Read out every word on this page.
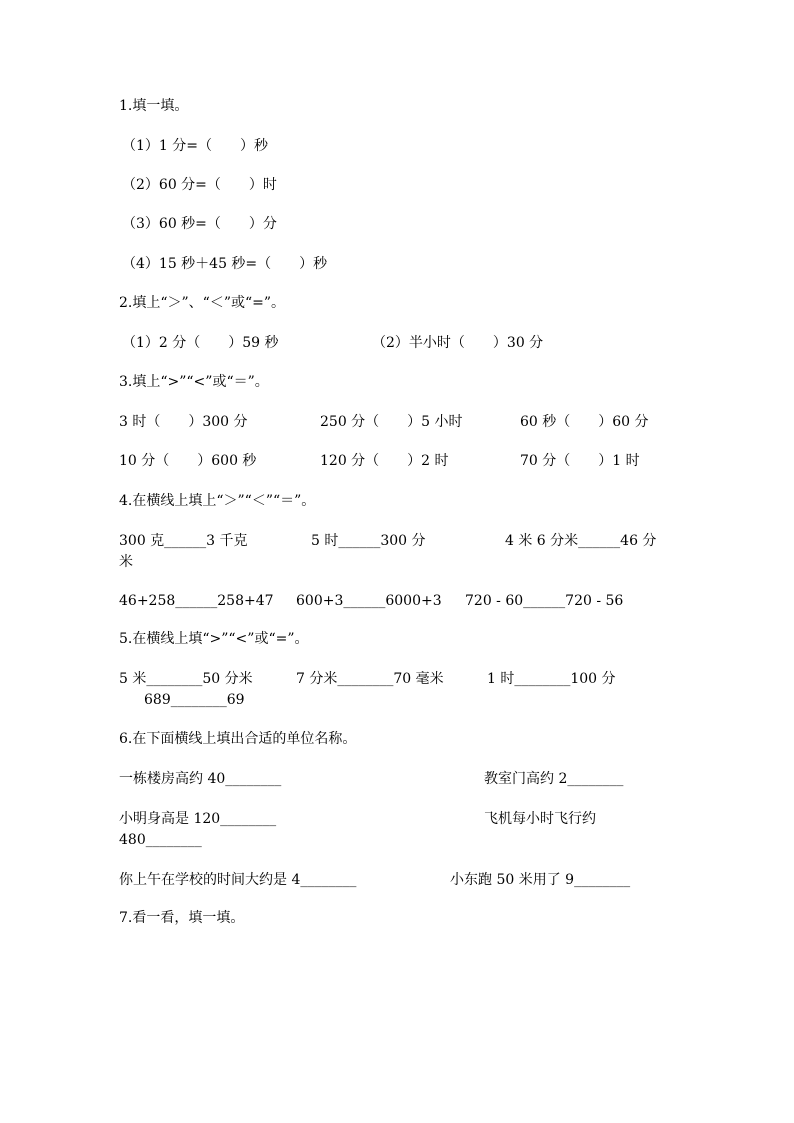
1.填一填。
（1）1 分=（　　）秒
（2）60 分=（　　）时
（3）60 秒=（　　）分
（4）15 秒＋45 秒=（　　）秒
2.填上“＞”、“＜”或“=”。
（1）2 分（　　）59 秒	（2）半小时（　　）30 分
3.填上“>”“<”或“＝”。
3 时（　　）300 分	250 分（　　）5 小时	60 秒（　　）60 分
10 分（　　）600 秒	120 分（　　）2 时	70 分（　　）1 时
4.在横线上填上“＞”“＜”“＝”。
300 克______3 千克	5 时______300 分	4 米 6 分米______46 分
米
46+258______258+47 600+3______6000+3 720 - 60______720 - 56
5.在横线上填“>”“<”或“=”。
5 米________50 分米	7 分米________70 毫米	1 时________100 分
689________69
6.在下面横线上填出合适的单位名称。
一栋楼房高约 40________	教室门高约 2________
小明身高是 120________	飞机每小时飞行约
480________
你上午在学校的时间大约是 4________	小东跑 50 米用了 9________
7.看一看，填一填。
